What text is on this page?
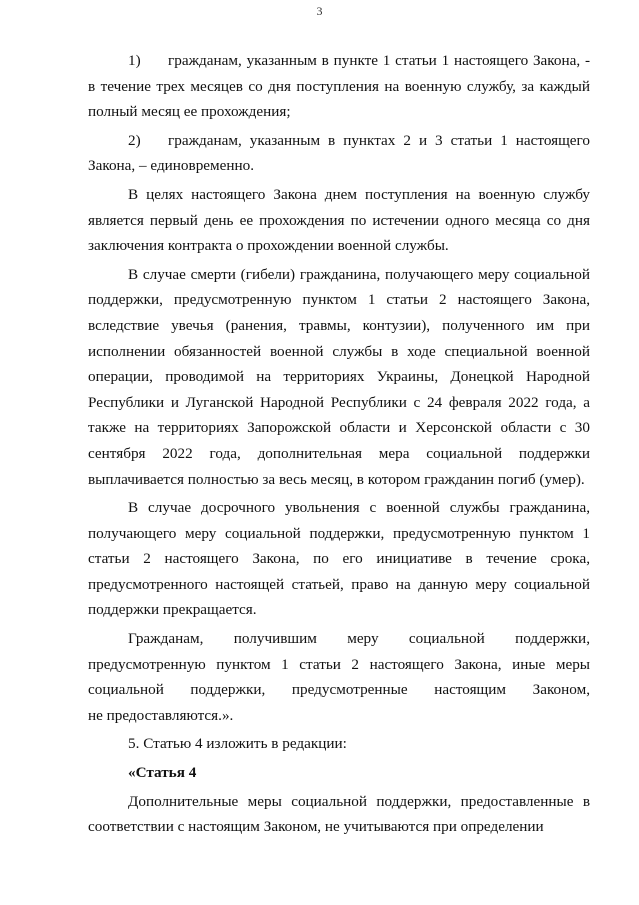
3

1) гражданам, указанным в пункте 1 статьи 1 настоящего Закона, - в течение трех месяцев со дня поступления на военную службу, за каждый полный месяц ее прохождения;

2) гражданам, указанным в пунктах 2 и 3 статьи 1 настоящего Закона, – единовременно.

В целях настоящего Закона днем поступления на военную службу является первый день ее прохождения по истечении одного месяца со дня заключения контракта о прохождении военной службы.

В случае смерти (гибели) гражданина, получающего меру социальной поддержки, предусмотренную пунктом 1 статьи 2 настоящего Закона, вследствие увечья (ранения, травмы, контузии), полученного им при исполнении обязанностей военной службы в ходе специальной военной операции, проводимой на территориях Украины, Донецкой Народной Республики и Луганской Народной Республики с 24 февраля 2022 года, а также на территориях Запорожской области и Херсонской области с 30 сентября 2022 года, дополнительная мера социальной поддержки выплачивается полностью за весь месяц, в котором гражданин погиб (умер).

В случае досрочного увольнения с военной службы гражданина, получающего меру социальной поддержки, предусмотренную пунктом 1 статьи 2 настоящего Закона, по его инициативе в течение срока, предусмотренного настоящей статьей, право на данную меру социальной поддержки прекращается.

Гражданам, получившим меру социальной поддержки,
предусмотренную пунктом 1 статьи 2 настоящего Закона, иные меры
социальной поддержки, предусмотренные настоящим Законом,
не предоставляются.».

5. Статью 4 изложить в редакции:

«Статья 4

Дополнительные меры социальной поддержки, предоставленные в соответствии с настоящим Законом, не учитываются при определении
